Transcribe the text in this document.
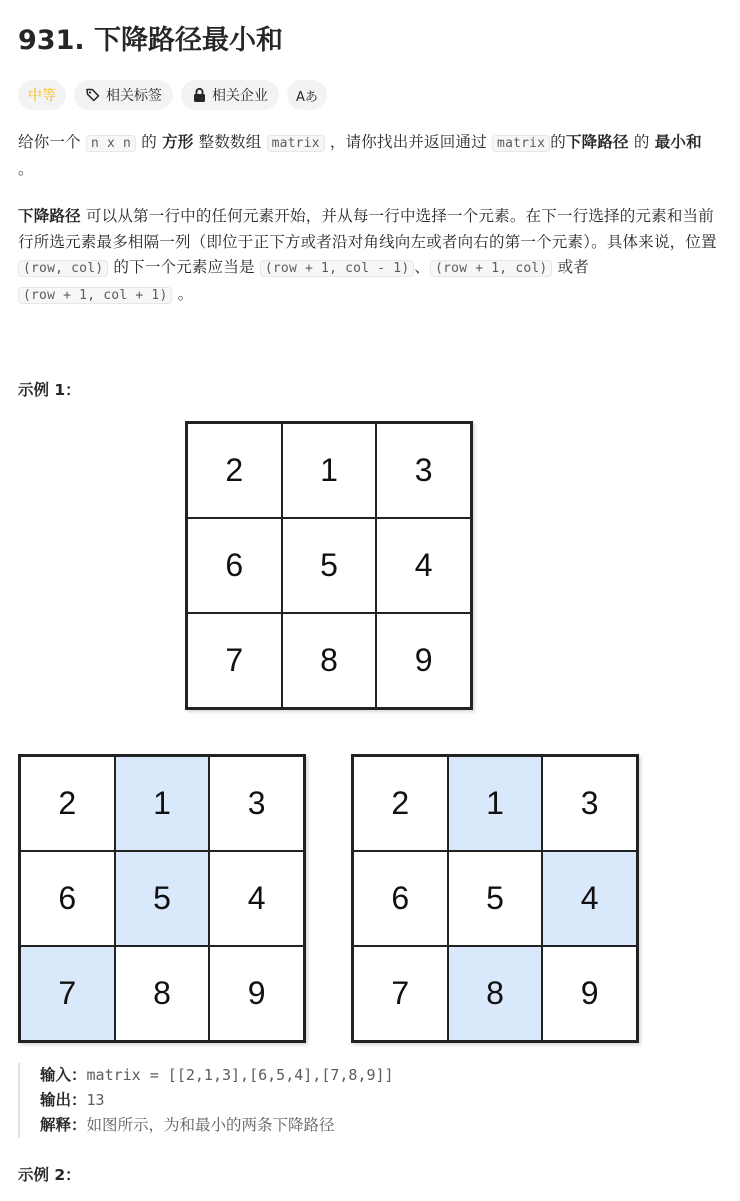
931. 下降路径最小和
中等	相关标签	相关企业 Aあ

给你一个 n x n 的 方形 整数数组 matrix ，请你找出并返回通过 matrix 的下降路径 的 最小和 。

下降路径 可以从第一行中的任何元素开始，并从每一行中选择一个元素。在下一行选择的元素和当前行所选元素最多相隔一列（即位于正下方或者沿对角线向左或者向右的第一个元素）。具体来说，位置 (row, col) 的下一个元素应当是 (row + 1, col - 1) 、 (row + 1, col) 或者 (row + 1, col + 1) 。

示例 1：
2	1	3
6	5	4
7	8	9
2	1	3
6	5	4
7	8	9
2	1	3
6	5	4
7	8	9
输入：matrix = [[2,1,3],[6,5,4],[7,8,9]]
输出：13
解释：如图所示，为和最小的两条下降路径
示例 2：
